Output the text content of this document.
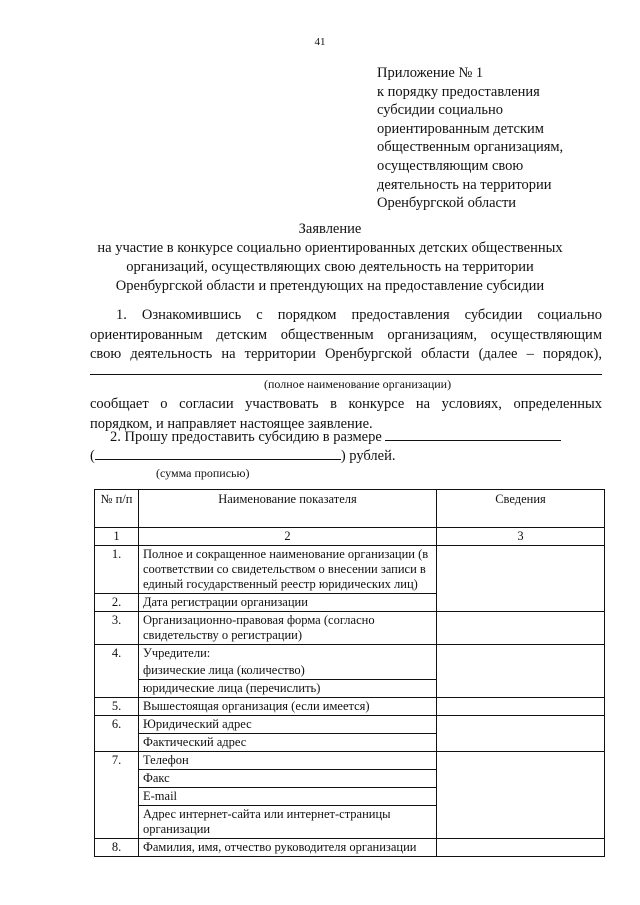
41
Приложение № 1
к порядку предоставления
субсидии социально
ориентированным детским
общественным организациям,
осуществляющим свою
деятельность на территории
Оренбургской области
Заявление
на участие в конкурсе социально ориентированных детских общественных
организаций, осуществляющих свою деятельность на территории
Оренбургской области и претендующих на предоставление субсидии
1. Ознакомившись с порядком предоставления субсидии социально
ориентированным детским общественным организациям, осуществляющим
свою деятельность на территории Оренбургской области (далее – порядок),
(полное наименование организации)
сообщает о согласии участвовать в конкурсе на условиях, определенных
порядком, и направляет настоящее заявление.
2. Прошу предоставить субсидию в размере
(	) рублей.
(сумма прописью)
№ п/п	Наименование показателя	Сведения
1	2	3
1.	Полное и сокращенное наименование организации (в соответствии со свидетельством о внесении записи в единый государственный реестр юридических лиц)	
2.	Дата регистрации организации	
3.	Организационно-правовая форма (согласно свидетельству о регистрации)	
4.	Учредители:	
	физические лица (количество)	
	юридические лица (перечислить)	
5.	Вышестоящая организация (если имеется)	
6.	Юридический адрес	
	Фактический адрес	
7.	Телефон	
	Факс	
	E-mail	
	Адрес интернет-сайта или интернет-страницы организации	
8.	Фамилия, имя, отчество руководителя организации	
